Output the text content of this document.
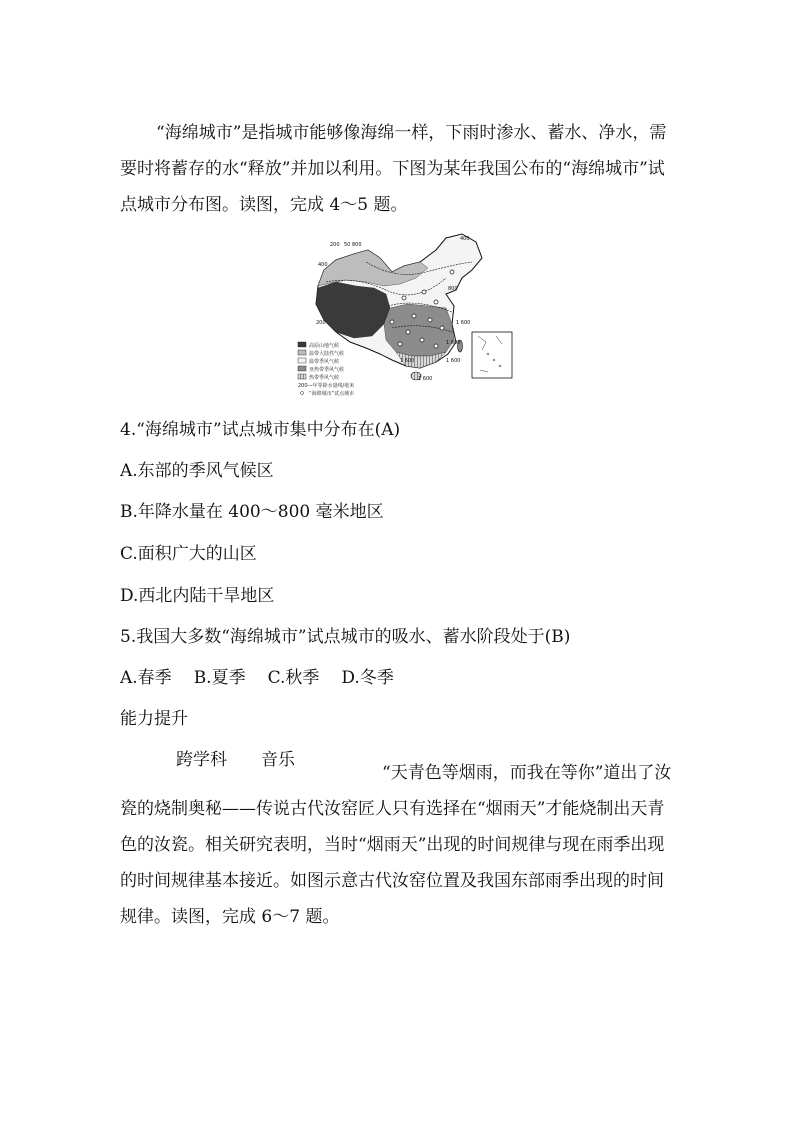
“海绵城市”是指城市能够像海绵一样，下雨时渗水、蓄水、净水，需要时将蓄存的水“释放”并加以利用。下图为某年我国公布的“海绵城市”试点城市分布图。读图，完成 4～5 题。

200 50 800
400
400
800
200
1 600
1 600
1 600
1 600
1 600
高原山地气候
温带大陆性气候
温带季风气候
亚热带季风气候
热带季风气候
200—年等降水量线/毫米
“海绵城市”试点城市
4.“海绵城市”试点城市集中分布在(A)
A.东部的季风气候区
B.年降水量在 400～800 毫米地区
C.面积广大的山区
D.西北内陆干旱地区
5.我国大多数“海绵城市”试点城市的吸水、蓄水阶段处于(B)
A.春季 B.夏季 C.秋季 D.冬季
能力提升
跨学科 音乐

“天青色等烟雨，而我在等你”道出了汝瓷的烧制奥秘——传说古代汝窑匠人只有选择在“烟雨天”才能烧制出天青色的汝瓷。相关研究表明，当时“烟雨天”出现的时间规律与现在雨季出现的时间规律基本接近。如图示意古代汝窑位置及我国东部雨季出现的时间规律。读图，完成 6～7 题。
